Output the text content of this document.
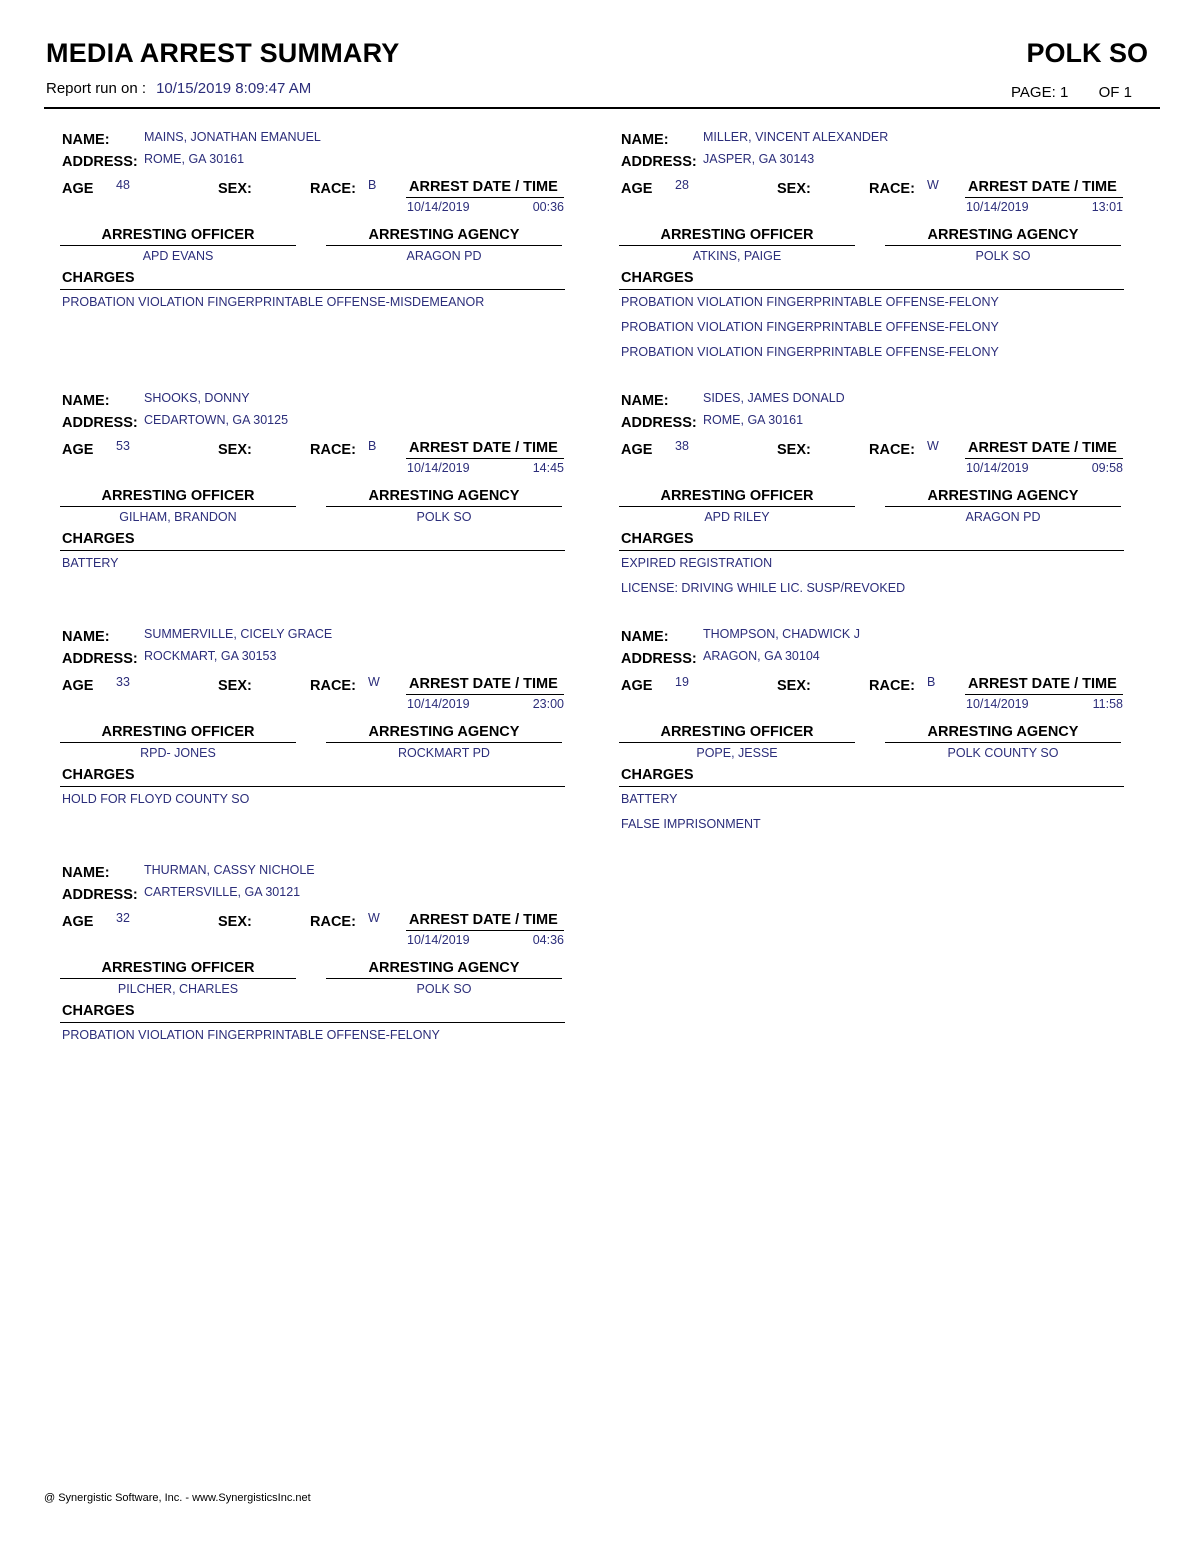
MEDIA ARREST SUMMARY	POLK SO
Report run on : 10/15/2019 8:09:47 AM	PAGE: 1 OF 1
NAME:	MAINS, JONATHAN EMANUEL
ADDRESS: ROME, GA 30161
AGE 48	SEX:	RACE: B ARREST DATE / TIME
10/14/2019	00:36
ARRESTING OFFICER
APD EVANS
ARRESTING AGENCY
ARAGON PD
CHARGES
PROBATION VIOLATION FINGERPRINTABLE OFFENSE-MISDEMEANOR
NAME:	MILLER, VINCENT ALEXANDER
ADDRESS: JASPER, GA 30143
AGE 28	SEX:	RACE: W ARREST DATE / TIME
10/14/2019	13:01
ARRESTING OFFICER
ATKINS, PAIGE
ARRESTING AGENCY
POLK SO
CHARGES
PROBATION VIOLATION FINGERPRINTABLE OFFENSE-FELONY
PROBATION VIOLATION FINGERPRINTABLE OFFENSE-FELONY
PROBATION VIOLATION FINGERPRINTABLE OFFENSE-FELONY
NAME:	SHOOKS, DONNY
ADDRESS: CEDARTOWN, GA 30125
AGE 53	SEX:	RACE: B ARREST DATE / TIME
10/14/2019	14:45
ARRESTING OFFICER
GILHAM, BRANDON
ARRESTING AGENCY
POLK SO
CHARGES
BATTERY
NAME:	SIDES, JAMES DONALD
ADDRESS: ROME, GA 30161
AGE 38	SEX:	RACE: W ARREST DATE / TIME
10/14/2019	09:58
ARRESTING OFFICER
APD RILEY
ARRESTING AGENCY
ARAGON PD
CHARGES
EXPIRED REGISTRATION
LICENSE: DRIVING WHILE LIC. SUSP/REVOKED
NAME:	SUMMERVILLE, CICELY GRACE
ADDRESS: ROCKMART, GA 30153
AGE 33	SEX:	RACE: W ARREST DATE / TIME
10/14/2019	23:00
ARRESTING OFFICER
RPD- JONES
ARRESTING AGENCY
ROCKMART PD
CHARGES
HOLD FOR FLOYD COUNTY SO
NAME:	THOMPSON, CHADWICK J
ADDRESS: ARAGON, GA 30104
AGE 19	SEX:	RACE: B ARREST DATE / TIME
10/14/2019	11:58
ARRESTING OFFICER
POPE, JESSE
ARRESTING AGENCY
POLK COUNTY SO
CHARGES
BATTERY
FALSE IMPRISONMENT
NAME:	THURMAN, CASSY NICHOLE
ADDRESS: CARTERSVILLE, GA 30121
AGE 32	SEX:	RACE: W ARREST DATE / TIME
10/14/2019	04:36
ARRESTING OFFICER
PILCHER, CHARLES
ARRESTING AGENCY
POLK SO
CHARGES
PROBATION VIOLATION FINGERPRINTABLE OFFENSE-FELONY
@ Synergistic Software, Inc. - www.SynergisticsInc.net
